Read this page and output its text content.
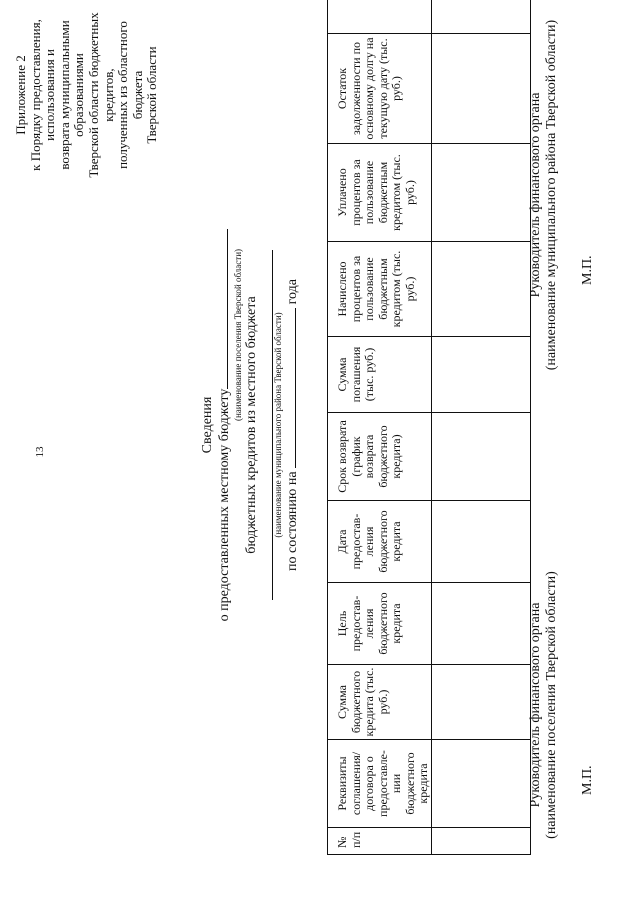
13
Приложение 2 к Порядку предоставления, использования и возврата муниципальными образованиями Тверской области бюджетных кредитов, полученных из областного бюджета Тверской области
Сведения о предоставленных местному бюджету
(наименование поселения Тверской области) бюджетных кредитов из местного бюджета (наименование муниципального района Тверской области) по состоянию на  года
№ п/п	Реквизиты соглашения/ договора о предоставле-нии бюджетного кредита	Сумма бюджетного кредита (тыс. руб.)	Цель предостав-ления бюджетного кредита	Дата предостав-ления бюджетного кредита	Срок возврата (график возврата бюджетного кредита)	Сумма погашения (тыс. руб.)	Начислено процентов за пользование бюджетным кредитом (тыс. руб.)	Уплачено процентов за пользование бюджетным кредитом (тыс. руб.)	Остаток задолженности по основному долгу на текущую дату (тыс. руб.)	

Руководитель финансового органа (наименование поселения Тверской области)
Руководитель финансового органа (наименование муниципального района Тверской области)
М.П.
М.П.
